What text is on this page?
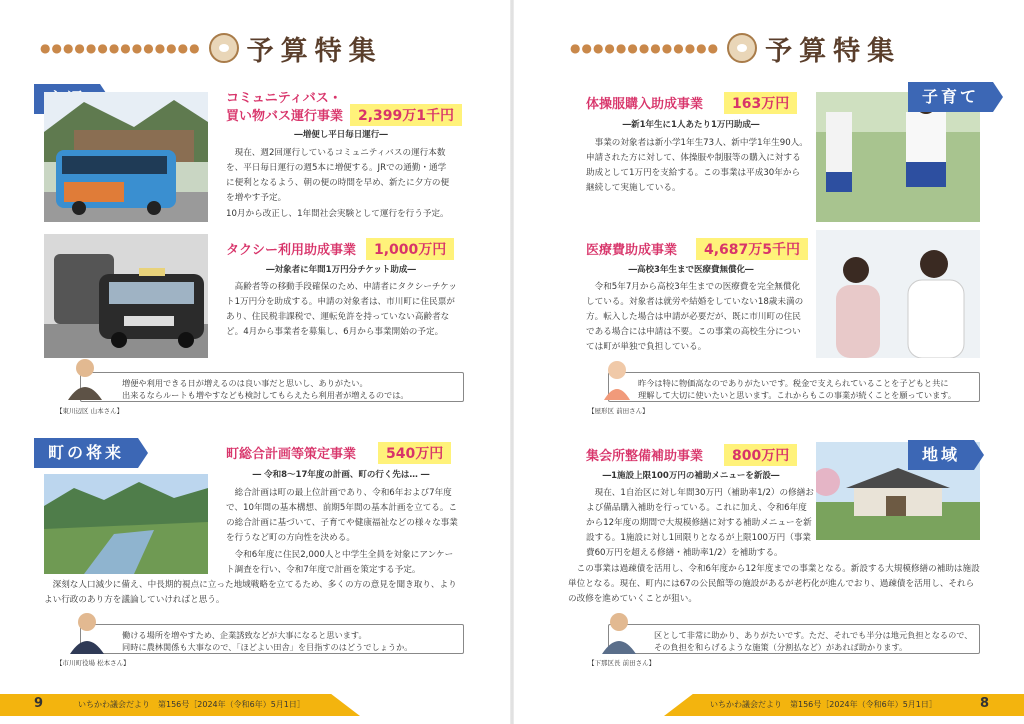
●●●●●●●●●●●●●● 予算特集
コミュニティバス・
買い物バス運行事業	2,399万1千円
―増便し平日毎日運行―
現在、週2回運行しているコミュニティバスの運行本数を、平日毎日運行の週5本に増便する。JRでの通勤・通学に便利となるよう、朝の便の時間を早め、新たに夕方の便を増やす予定。
10月から改正し、1年間社会実験として運行を行う予定。
タクシー利用助成事業	1,000万円
―対象者に年間1万円分チケット助成―
高齢者等の移動手段確保のため、申請者にタクシーチケット1万円分を助成する。申請の対象者は、市川町に住民票があり、住民税非課税で、運転免許を持っていない高齢者など。4月から事業者を募集し、6月から事業開始の予定。
増便や利用できる日が増えるのは良い事だと思いし、ありがたい。
出来るならルートも増やすなども検討してもらえたら利用者が増えるのでは。
【東川辺区 山本さん】
町の将来	町総合計画等策定事業	540万円
― 令和8～17年度の計画、町の行く先は… ―
総合計画は町の最上位計画であり、令和6年および7年度で、10年間の基本構想、前期5年間の基本計画を立てる。この総合計画に基づいて、子育てや健康福祉などの様々な事業を行うなど町の方向性を決める。
令和6年度に住民2,000人と中学生全員を対象にアンケート調査を行い、令和7年度で計画を策定する予定。
深刻な人口減少に備え、中長期的視点に立った地域戦略を立てるため、多くの方の意見を聞き取り、よりよい行政のあり方を議論していければと思う。
働ける場所を増やすため、企業誘致などが大事になると思います。
同時に農林関係も大事なので、「ほどよい田舎」を目指すのはどうでしょうか。
【市川町役場 松本さん】
9	いちかわ議会だより　第156号［2024年（令和6年）5月1日］
●●●●●●●●●●●●● 予算特集
体操服購入助成事業	163万円
―新1年生に1人あたり1万円助成―
事業の対象者は新小学1年生73人、新中学1年生90人。申請された方に対して、体操服や制服等の購入に対する助成として1万円を支給する。この事業は平成30年から継続して実施している。
子育て
医療費助成事業	4,687万5千円
―高校3年生まで医療費無償化―
令和5年7月から高校3年生までの医療費を完全無償化している。対象者は就労や結婚をしていない18歳未満の方。転入した場合は申請が必要だが、既に市川町の住民である場合には申請は不要。この事業の高校生分については町が単独で負担している。
昨今は特に物価高なのでありがたいです。税金で支えられていることを子どもと共に
理解して大切に使いたいと思います。これからもこの事業が続くことを願っています。
【屋形区 前田さん】
集会所整備補助事業	800万円
―1施設上限100万円の補助メニューを新設―
現在、1自治区に対し年間30万円（補助率1/2）の修繕および備品購入補助を行っている。これに加え、令和6年度から12年度の期間で大規模修繕に対する補助メニューを新設する。1施設に対し1回限りとなるが上限100万円（事業費60万円を超える修繕・補助率1/2）を補助する。
この事業は過疎債を活用し、令和6年度から12年度までの事業となる。新設する大規模修繕の補助は施設単位となる。現在、町内には67の公民館等の施設があるが老朽化が進んでおり、過疎債を活用し、それらの改修を進めていくことが狙い。
地域
区として非常に助かり、ありがたいです。ただ、それでも半分は地元負担となるので、その負担を和らげるような施策（分割払など）があれば助かります。
【下那区長 前田さん】
いちかわ議会だより　第156号［2024年（令和6年）5月1日］	8
